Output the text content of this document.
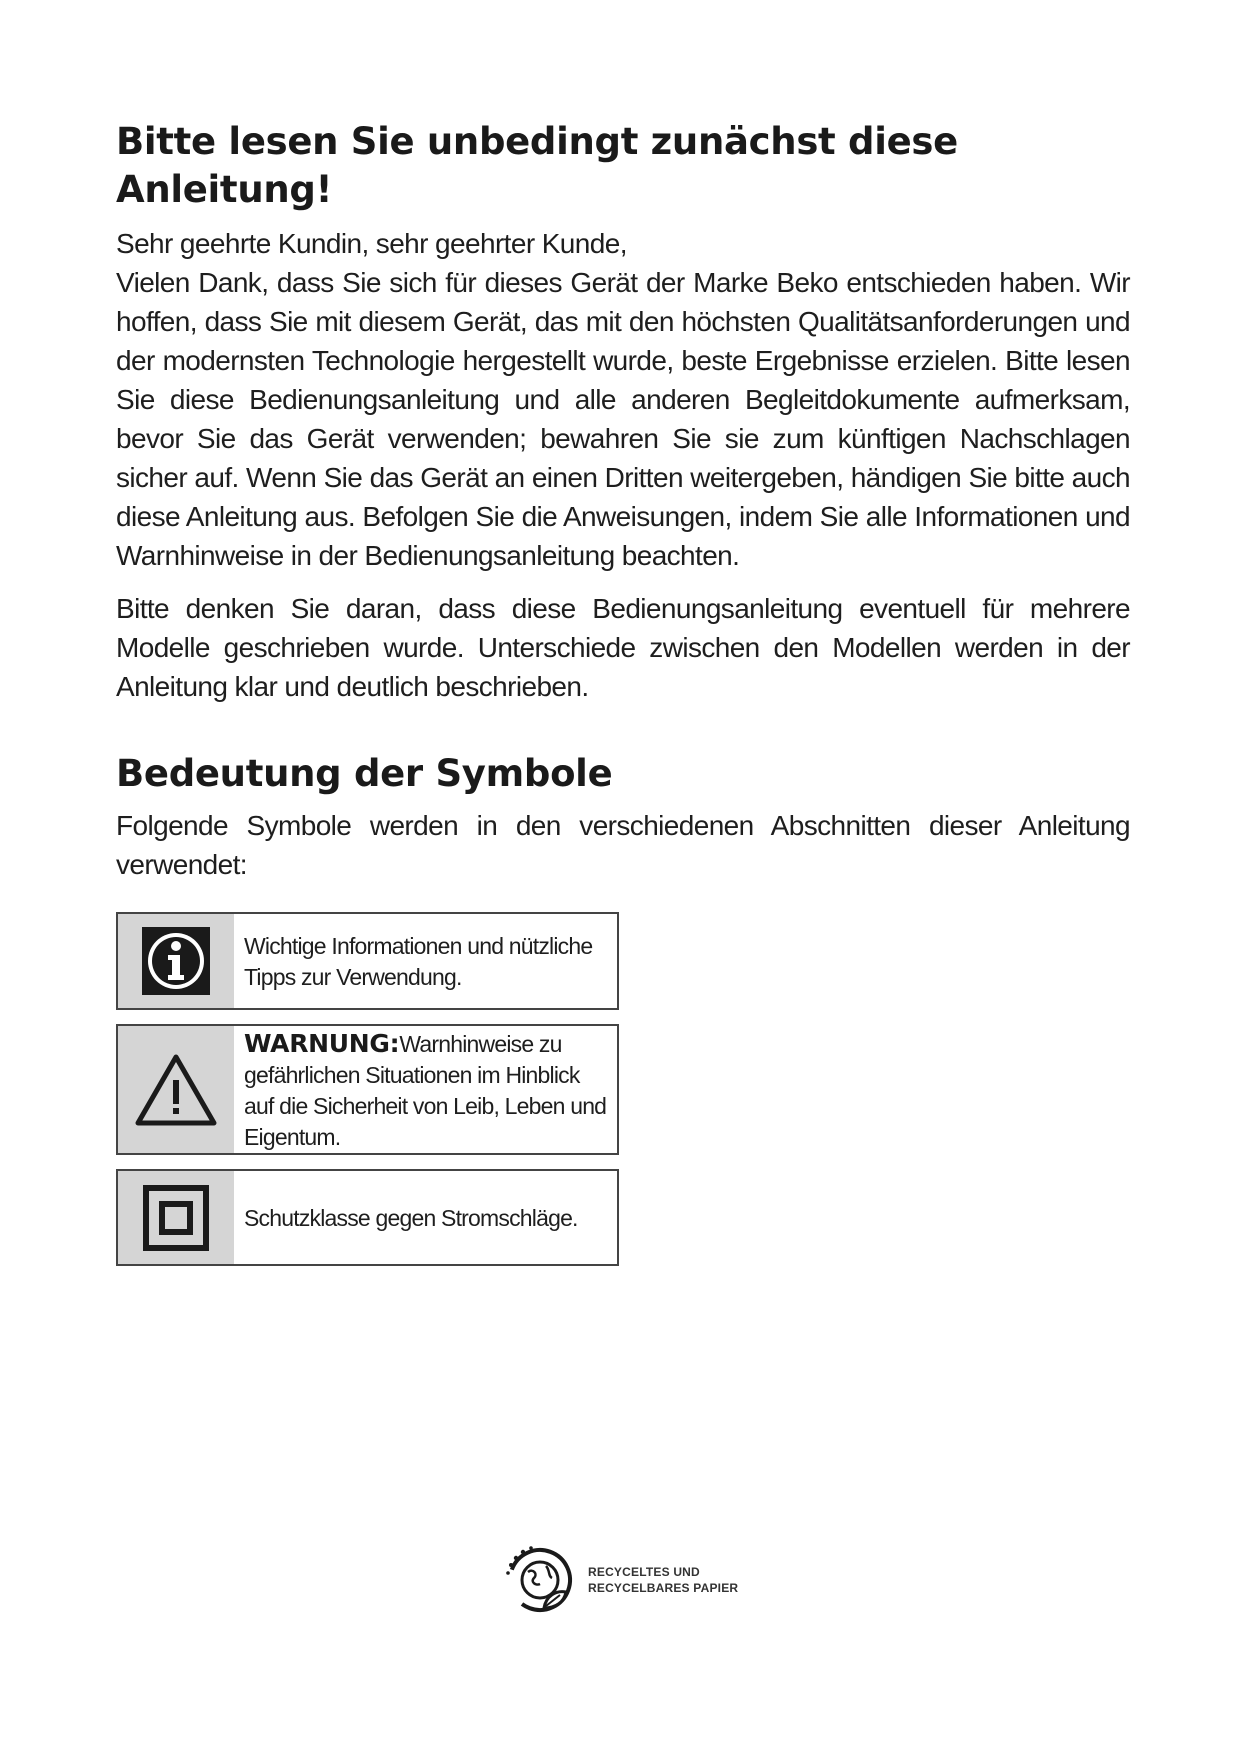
Bitte lesen Sie unbedingt zunächst diese Anleitung!

Sehr geehrte Kundin, sehr geehrter Kunde,
Vielen Dank, dass Sie sich für dieses Gerät der Marke Beko entschieden haben. Wir hoffen, dass Sie mit diesem Gerät, das mit den höchsten Qualitätsanforderungen und der modernsten Technologie hergestellt wurde, beste Ergebnisse erzielen. Bitte lesen Sie diese Bedienungsanleitung und alle anderen Begleitdokumente aufmerksam, bevor Sie das Gerät verwenden; bewahren Sie sie zum künftigen Nachschlagen sicher auf. Wenn Sie das Gerät an einen Dritten weitergeben, händigen Sie bitte auch diese Anleitung aus. Befolgen Sie die Anweisungen, indem Sie alle Informationen und Warnhinweise in der Bedienungsanleitung beachten.

Bitte denken Sie daran, dass diese Bedienungsanleitung eventuell für mehrere Modelle geschrieben wurde. Unterschiede zwischen den Modellen werden in der Anleitung klar und deutlich beschrieben.

Bedeutung der Symbole

Folgende Symbole werden in den verschiedenen Abschnitten dieser Anleitung verwendet:

Wichtige Informationen und nützliche Tipps zur Verwendung.
WARNUNG:Warnhinweise zu gefährlichen Situationen im Hinblick auf die Sicherheit von Leib, Leben und Eigentum.
Schutzklasse gegen Stromschläge.
RECYCELTES UND
RECYCELBARES PAPIER
